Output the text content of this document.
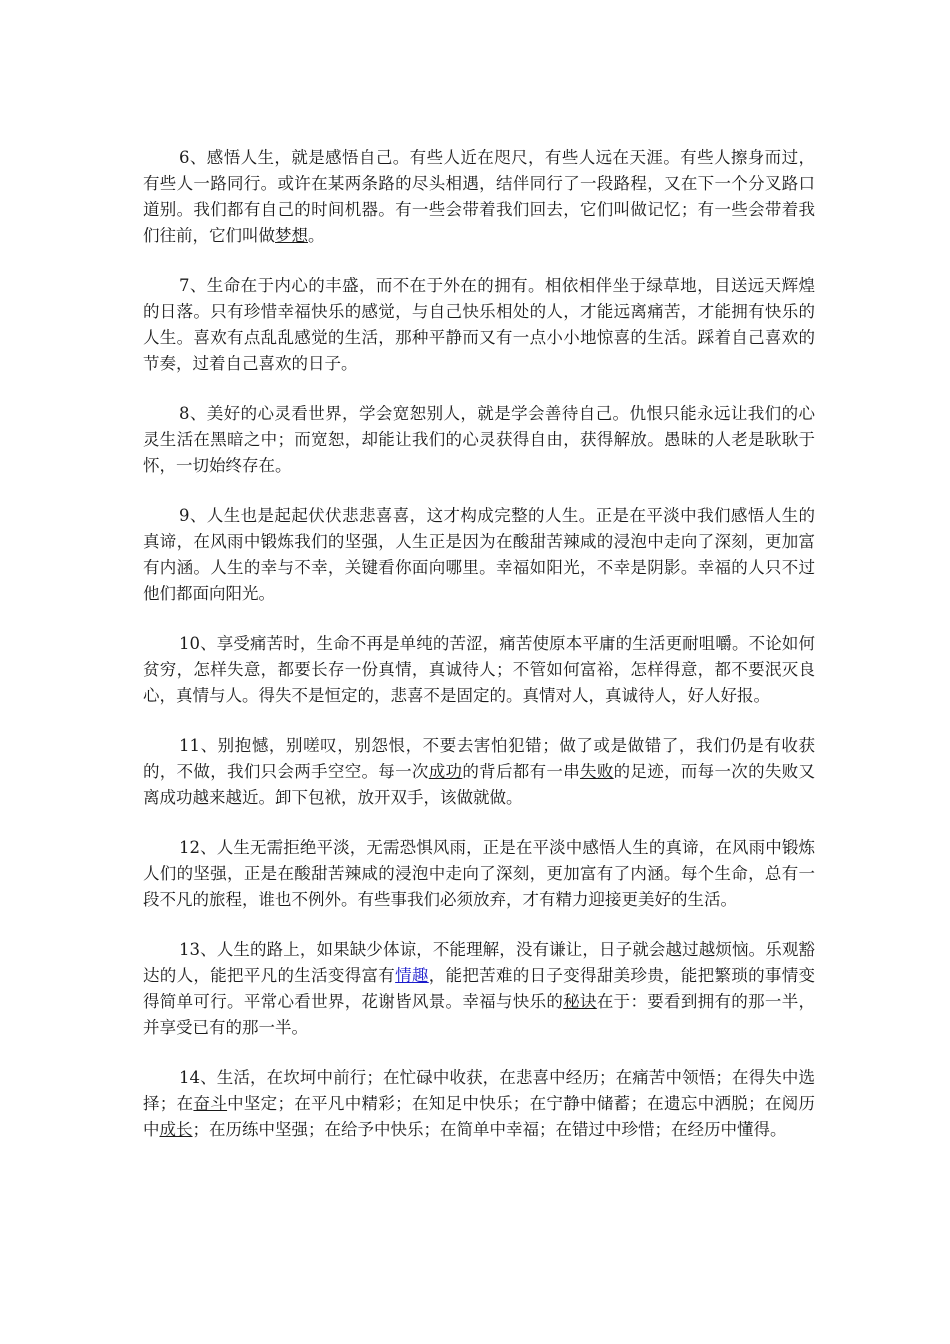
6、感悟人生，就是感悟自己。有些人近在咫尺，有些人远在天涯。有些人擦身而过，有些人一路同行。或许在某两条路的尽头相遇，结伴同行了一段路程，又在下一个分叉路口道别。我们都有自己的时间机器。有一些会带着我们回去，它们叫做记忆；有一些会带着我们往前，它们叫做梦想。

7、生命在于内心的丰盛，而不在于外在的拥有。相依相伴坐于绿草地，目送远天辉煌的日落。只有珍惜幸福快乐的感觉，与自己快乐相处的人，才能远离痛苦，才能拥有快乐的人生。喜欢有点乱乱感觉的生活，那种平静而又有一点小小地惊喜的生活。踩着自己喜欢的节奏，过着自己喜欢的日子。

8、美好的心灵看世界，学会宽恕别人，就是学会善待自己。仇恨只能永远让我们的心灵生活在黑暗之中；而宽恕，却能让我们的心灵获得自由，获得解放。愚昧的人老是耿耿于怀，一切始终存在。

9、人生也是起起伏伏悲悲喜喜，这才构成完整的人生。正是在平淡中我们感悟人生的真谛，在风雨中锻炼我们的坚强，人生正是因为在酸甜苦辣咸的浸泡中走向了深刻，更加富有内涵。人生的幸与不幸，关键看你面向哪里。幸福如阳光，不幸是阴影。幸福的人只不过他们都面向阳光。

10、享受痛苦时，生命不再是单纯的苦涩，痛苦使原本平庸的生活更耐咀嚼。不论如何贫穷，怎样失意，都要长存一份真情，真诚待人；不管如何富裕，怎样得意，都不要泯灭良心，真情与人。得失不是恒定的，悲喜不是固定的。真情对人，真诚待人，好人好报。

11、别抱憾，别嗟叹，别怨恨，不要去害怕犯错；做了或是做错了，我们仍是有收获的，不做，我们只会两手空空。每一次成功的背后都有一串失败的足迹，而每一次的失败又离成功越来越近。卸下包袱，放开双手，该做就做。

12、人生无需拒绝平淡，无需恐惧风雨，正是在平淡中感悟人生的真谛，在风雨中锻炼人们的坚强，正是在酸甜苦辣咸的浸泡中走向了深刻，更加富有了内涵。每个生命，总有一段不凡的旅程，谁也不例外。有些事我们必须放弃，才有精力迎接更美好的生活。

13、人生的路上，如果缺少体谅，不能理解，没有谦让，日子就会越过越烦恼。乐观豁达的人，能把平凡的生活变得富有情趣，能把苦难的日子变得甜美珍贵，能把繁琐的事情变得简单可行。平常心看世界，花谢皆风景。幸福与快乐的秘诀在于：要看到拥有的那一半，并享受已有的那一半。

14、生活，在坎坷中前行；在忙碌中收获，在悲喜中经历；在痛苦中领悟；在得失中选择；在奋斗中坚定；在平凡中精彩；在知足中快乐；在宁静中储蓄；在遗忘中洒脱；在阅历中成长；在历练中坚强；在给予中快乐；在简单中幸福；在错过中珍惜；在经历中懂得。
